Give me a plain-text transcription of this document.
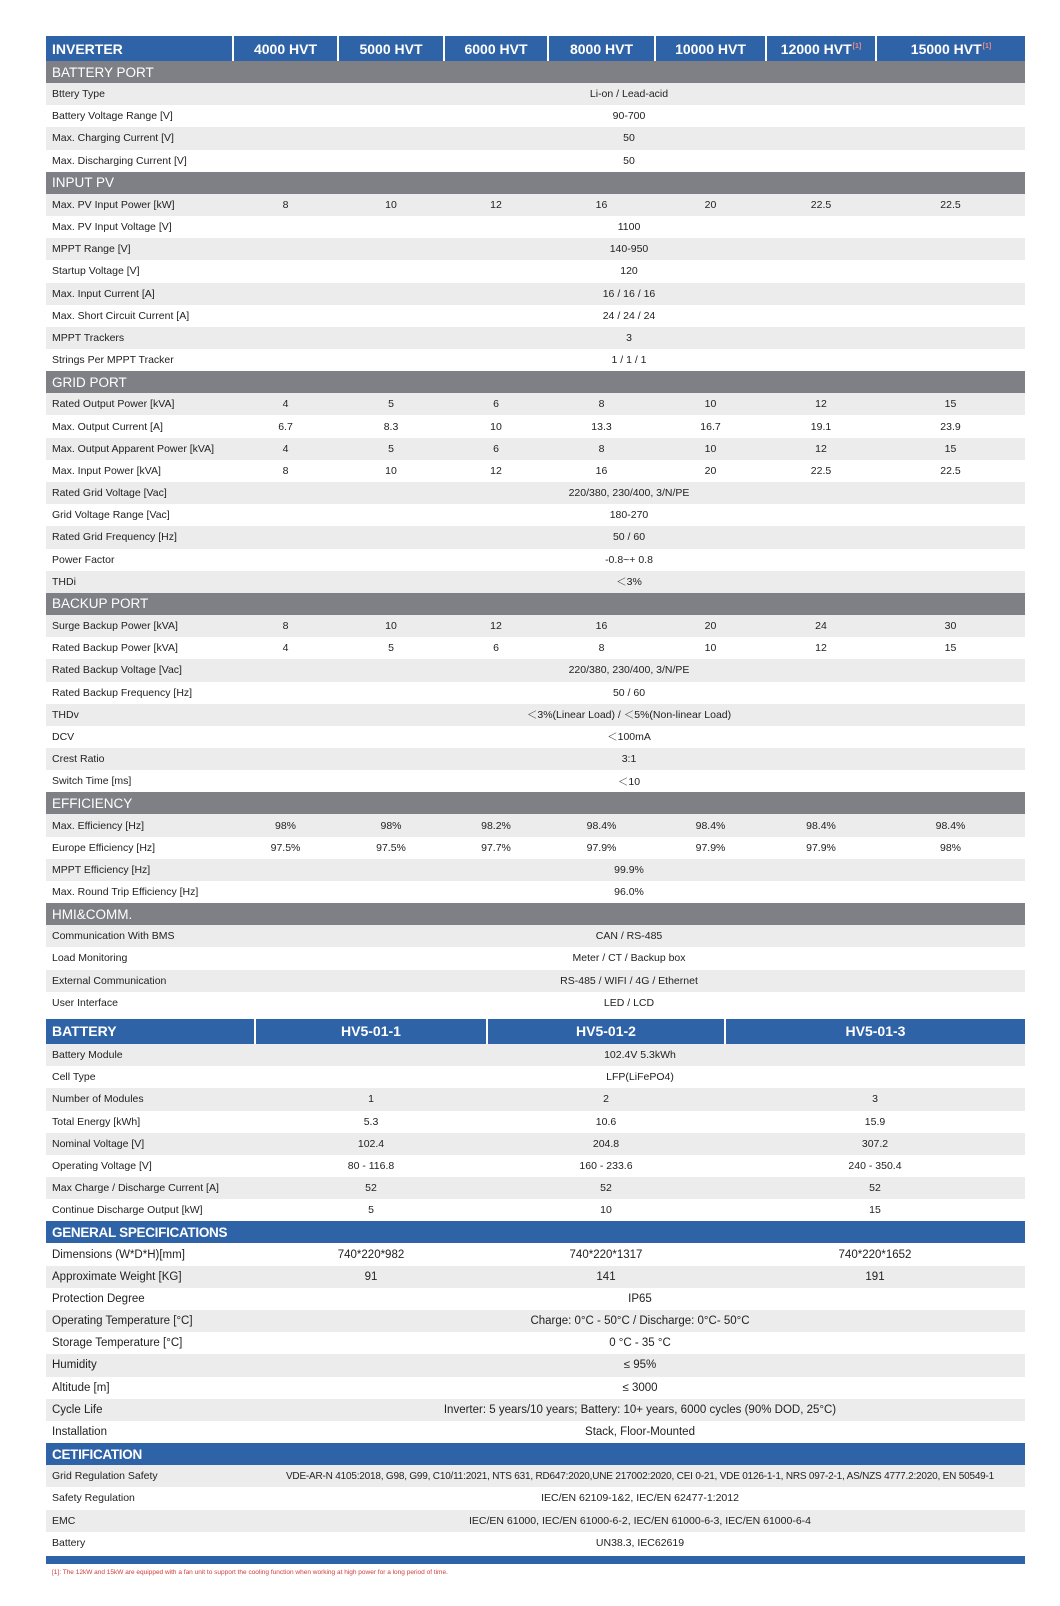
INVERTER	4000 HVT	5000 HVT	6000 HVT	8000 HVT	10000 HVT	12000 HVT[1]	15000 HVT[1]
BATTERY PORT							
Bttery Type	Li-on / Lead-acid						
Battery Voltage Range [V]	90-700						
Max. Charging Current [V]	50						
Max. Discharging Current [V]	50						
INPUT PV							
Max. PV Input Power [kW]	8	10	12	16	20	22.5	22.5
Max. PV Input Voltage [V]	1100						
MPPT Range [V]	140-950						
Startup Voltage [V]	120						
Max. Input Current [A]	16 / 16 / 16						
Max. Short Circuit Current [A]	24 / 24 / 24						
MPPT Trackers	3						
Strings Per MPPT Tracker	1 / 1 / 1						
GRID PORT							
Rated Output Power [kVA]	4	5	6	8	10	12	15
Max. Output Current [A]	6.7	8.3	10	13.3	16.7	19.1	23.9
Max. Output Apparent Power [kVA]	4	5	6	8	10	12	15
Max. Input Power [kVA]	8	10	12	16	20	22.5	22.5
Rated Grid Voltage [Vac]	220/380, 230/400, 3/N/PE						
Grid Voltage Range [Vac]	180-270						
Rated Grid Frequency [Hz]	50 / 60						
Power Factor	-0.8~+ 0.8						
THDi	＜3%						
BACKUP PORT							
Surge Backup Power [kVA]	8	10	12	16	20	24	30
Rated Backup Power [kVA]	4	5	6	8	10	12	15
Rated Backup Voltage [Vac]	220/380, 230/400, 3/N/PE						
Rated Backup Frequency [Hz]	50 / 60						
THDv	＜3%(Linear Load) / ＜5%(Non-linear Load)						
DCV	＜100mA						
Crest Ratio	3:1						
Switch Time [ms]	＜10						
EFFICIENCY							
Max. Efficiency [Hz]	98%	98%	98.2%	98.4%	98.4%	98.4%	98.4%
Europe Efficiency [Hz]	97.5%	97.5%	97.7%	97.9%	97.9%	97.9%	98%
MPPT Efficiency [Hz]	99.9%						
Max. Round Trip Efficiency [Hz]	96.0%						
HMI&COMM.							
Communication With BMS	CAN / RS-485						
Load Monitoring	Meter / CT / Backup box						
External Communication	RS-485 / WIFI / 4G / Ethernet						
User Interface	LED / LCD						
BATTERY	HV5-01-1	HV5-01-2	HV5-01-3
Battery Module	102.4V 5.3kWh		
Cell Type	LFP(LiFePO4)		
Number of Modules	1	2	3
Total Energy [kWh]	5.3	10.6	15.9
Nominal Voltage [V]	102.4	204.8	307.2
Operating Voltage [V]	80 - 116.8	160 - 233.6	240 - 350.4
Max Charge / Discharge Current [A]	52	52	52
Continue Discharge Output [kW]	5	10	15
GENERAL SPECIFICATIONS			
Dimensions (W*D*H)[mm]	740*220*982	740*220*1317	740*220*1652
Approximate Weight [KG]	91	141	191
Protection Degree	IP65		
Operating Temperature [°C]	Charge: 0°C - 50°C / Discharge: 0°C- 50°C		
Storage Temperature [°C]	0 °C - 35 °C		
Humidity	≤ 95%		
Altitude [m]	≤ 3000		
Cycle Life	Inverter: 5 years/10 years; Battery: 10+ years, 6000 cycles (90% DOD, 25°C)		
Installation	Stack, Floor-Mounted		
CETIFICATION			
Grid Regulation Safety	VDE-AR-N 4105:2018, G98, G99, C10/11:2021, NTS 631, RD647:2020,UNE 217002:2020, CEI 0-21, VDE 0126-1-1, NRS 097-2-1, AS/NZS 4777.2:2020, EN 50549-1		
Safety Regulation	IEC/EN 62109-1&2, IEC/EN 62477-1:2012		
EMC	IEC/EN 61000, IEC/EN 61000-6-2, IEC/EN 61000-6-3, IEC/EN 61000-6-4		
Battery	UN38.3, IEC62619		
[1]: The 12kW and 15kW are equipped with a fan unit to support the cooling function when working at high power for a long period of time.
